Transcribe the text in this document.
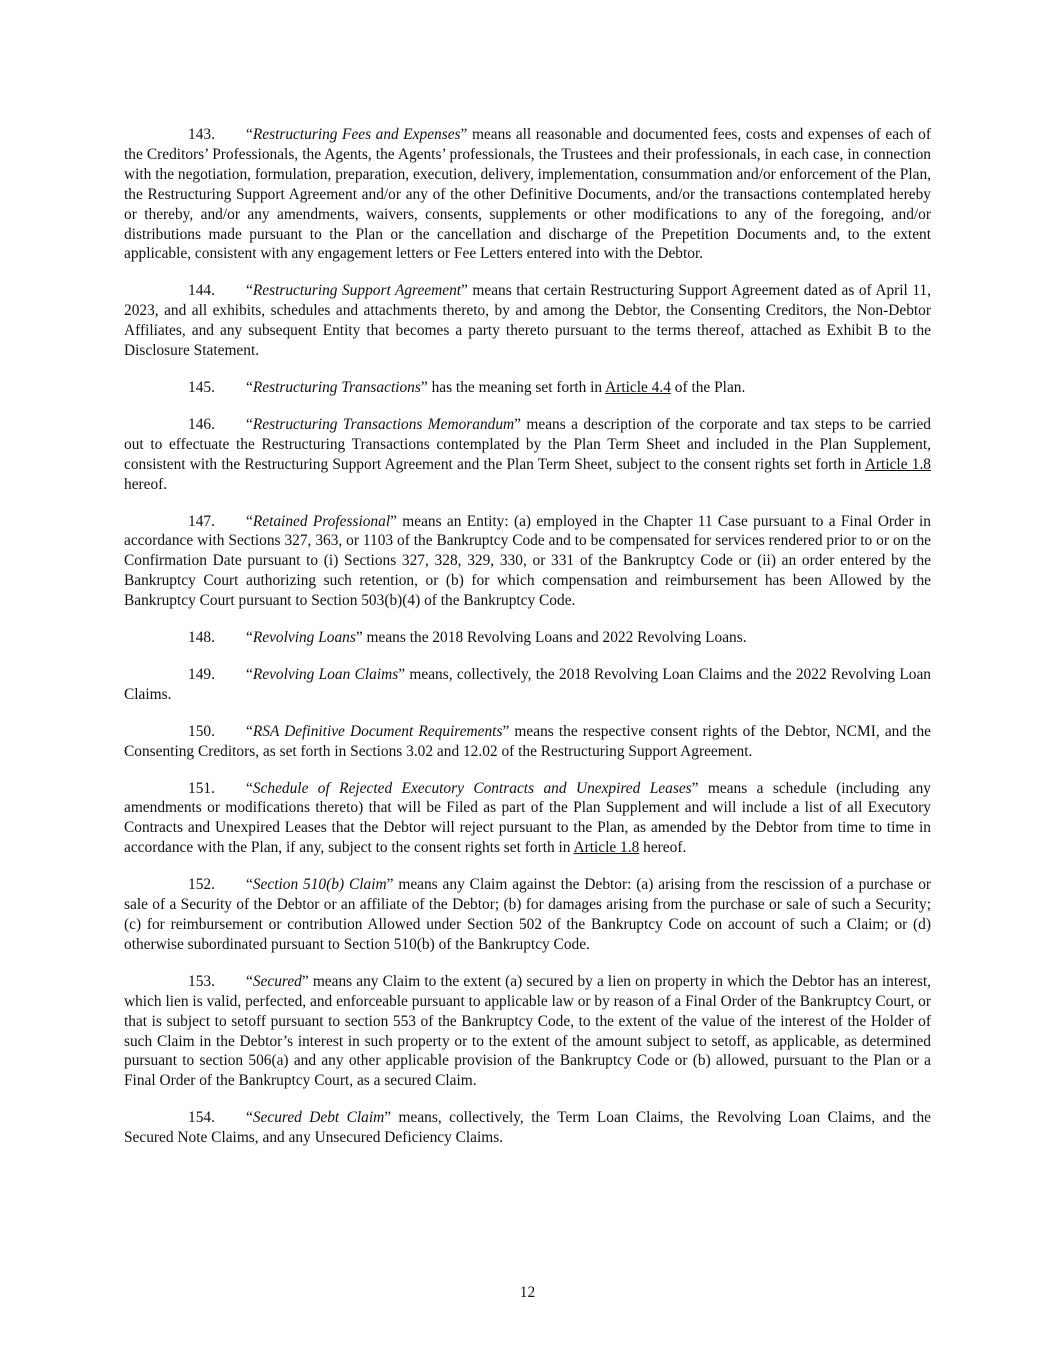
143. “Restructuring Fees and Expenses” means all reasonable and documented fees, costs and expenses of each of the Creditors’ Professionals, the Agents, the Agents’ professionals, the Trustees and their professionals, in each case, in connection with the negotiation, formulation, preparation, execution, delivery, implementation, consummation and/or enforcement of the Plan, the Restructuring Support Agreement and/or any of the other Definitive Documents, and/or the transactions contemplated hereby or thereby, and/or any amendments, waivers, consents, supplements or other modifications to any of the foregoing, and/or distributions made pursuant to the Plan or the cancellation and discharge of the Prepetition Documents and, to the extent applicable, consistent with any engagement letters or Fee Letters entered into with the Debtor.

144. “Restructuring Support Agreement” means that certain Restructuring Support Agreement dated as of April 11, 2023, and all exhibits, schedules and attachments thereto, by and among the Debtor, the Consenting Creditors, the Non-Debtor Affiliates, and any subsequent Entity that becomes a party thereto pursuant to the terms thereof, attached as Exhibit B to the Disclosure Statement.

145. “Restructuring Transactions” has the meaning set forth in Article 4.4 of the Plan.

146. “Restructuring Transactions Memorandum” means a description of the corporate and tax steps to be carried out to effectuate the Restructuring Transactions contemplated by the Plan Term Sheet and included in the Plan Supplement, consistent with the Restructuring Support Agreement and the Plan Term Sheet, subject to the consent rights set forth in Article 1.8 hereof.

147. “Retained Professional” means an Entity: (a) employed in the Chapter 11 Case pursuant to a Final Order in accordance with Sections 327, 363, or 1103 of the Bankruptcy Code and to be compensated for services rendered prior to or on the Confirmation Date pursuant to (i) Sections 327, 328, 329, 330, or 331 of the Bankruptcy Code or (ii) an order entered by the Bankruptcy Court authorizing such retention, or (b) for which compensation and reimbursement has been Allowed by the Bankruptcy Court pursuant to Section 503(b)(4) of the Bankruptcy Code.

148. “Revolving Loans” means the 2018 Revolving Loans and 2022 Revolving Loans.

149. “Revolving Loan Claims” means, collectively, the 2018 Revolving Loan Claims and the 2022 Revolving Loan Claims.

150. “RSA Definitive Document Requirements” means the respective consent rights of the Debtor, NCMI, and the Consenting Creditors, as set forth in Sections 3.02 and 12.02 of the Restructuring Support Agreement.

151. “Schedule of Rejected Executory Contracts and Unexpired Leases” means a schedule (including any amendments or modifications thereto) that will be Filed as part of the Plan Supplement and will include a list of all Executory Contracts and Unexpired Leases that the Debtor will reject pursuant to the Plan, as amended by the Debtor from time to time in accordance with the Plan, if any, subject to the consent rights set forth in Article 1.8 hereof.

152. “Section 510(b) Claim” means any Claim against the Debtor: (a) arising from the rescission of a purchase or sale of a Security of the Debtor or an affiliate of the Debtor; (b) for damages arising from the purchase or sale of such a Security; (c) for reimbursement or contribution Allowed under Section 502 of the Bankruptcy Code on account of such a Claim; or (d) otherwise subordinated pursuant to Section 510(b) of the Bankruptcy Code.

153. “Secured” means any Claim to the extent (a) secured by a lien on property in which the Debtor has an interest, which lien is valid, perfected, and enforceable pursuant to applicable law or by reason of a Final Order of the Bankruptcy Court, or that is subject to setoff pursuant to section 553 of the Bankruptcy Code, to the extent of the value of the interest of the Holder of such Claim in the Debtor’s interest in such property or to the extent of the amount subject to setoff, as applicable, as determined pursuant to section 506(a) and any other applicable provision of the Bankruptcy Code or (b) allowed, pursuant to the Plan or a Final Order of the Bankruptcy Court, as a secured Claim.

154. “Secured Debt Claim” means, collectively, the Term Loan Claims, the Revolving Loan Claims, and the Secured Note Claims, and any Unsecured Deficiency Claims.

12
